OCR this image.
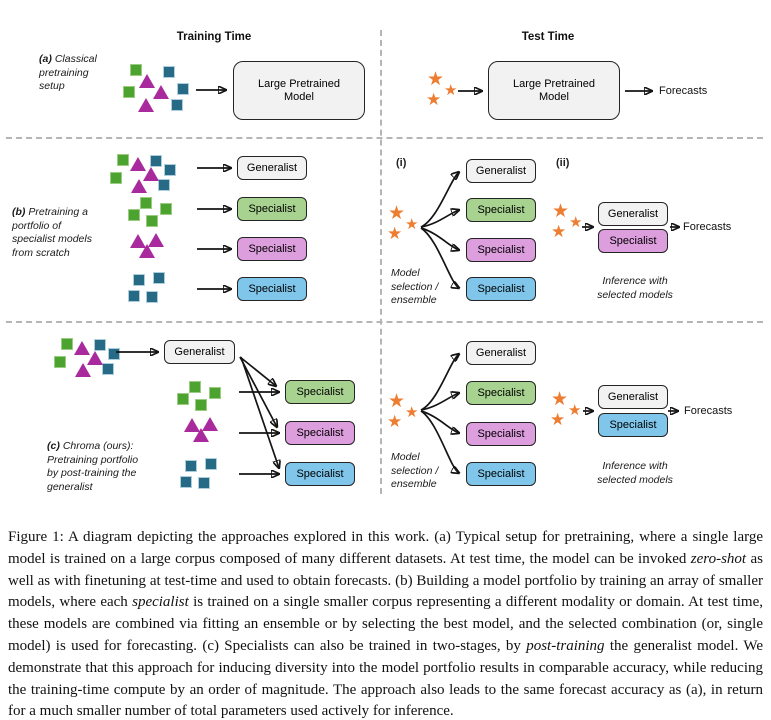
Training Time	Test Time
(a) Classical pretraining setup
(b) Pretraining a portfolio of specialist models from scratch
(c) Chroma (ours): Pretraining portfolio by post-training the generalist
(i)	(ii)
Model selection / ensemble
Inference with selected models
Model selection / ensemble
Inference with selected models
★
★
★
★
★
★
★
★
★
★
★
★
★
★
★
Large Pretrained Model
Large Pretrained Model
Generalist
Specialist
Specialist
Specialist
Generalist
Specialist
Specialist
Specialist
Generalist
Specialist
Generalist
Specialist
Specialist
Specialist
Generalist
Specialist
Specialist
Specialist
Generalist
Specialist
Forecasts
Forecasts
Forecasts

Figure 1: A diagram depicting the approaches explored in this work. (a) Typical setup for pretraining, where a single large model is trained on a large corpus composed of many different datasets. At test time, the model can be invoked zero-shot as well as with finetuning at test-time and used to obtain forecasts. (b) Building a model portfolio by training an array of smaller models, where each specialist is trained on a single smaller corpus representing a different modality or domain. At test time, these models are combined via fitting an ensemble or by selecting the best model, and the selected combination (or, single model) is used for forecasting. (c) Specialists can also be trained in two-stages, by post-training the generalist model. We demonstrate that this approach for inducing diversity into the model portfolio results in comparable accuracy, while reducing the training-time compute by an order of magnitude. The approach also leads to the same forecast accuracy as (a), in return for a much smaller number of total parameters used actively for inference.
